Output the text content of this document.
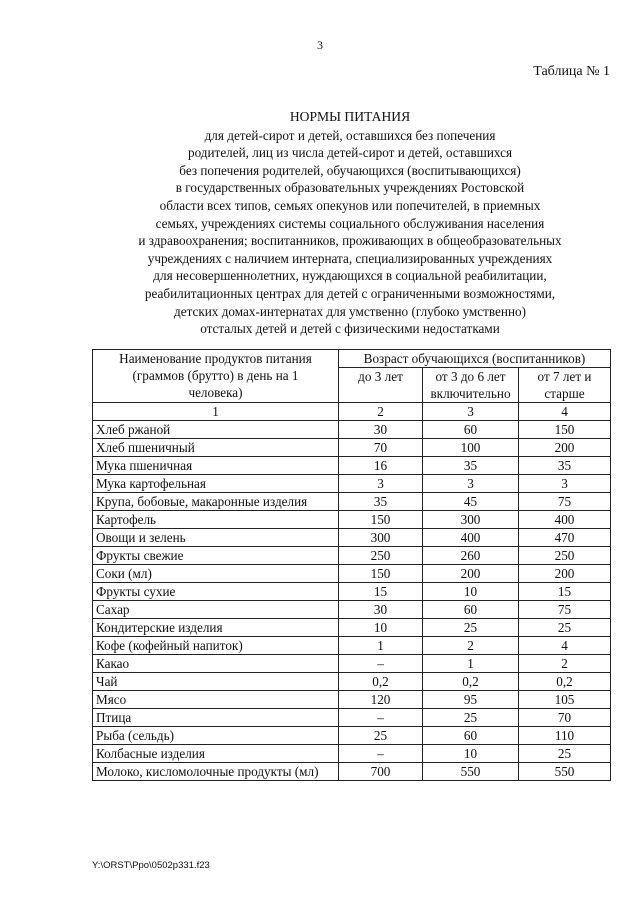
3
Таблица № 1
НОРМЫ ПИТАНИЯ
для детей-сирот и детей, оставшихся без попечения
родителей, лиц из числа детей-сирот и детей, оставшихся
без попечения родителей, обучающихся (воспитывающихся)
в государственных образовательных учреждениях Ростовской
области всех типов, семьях опекунов или попечителей, в приемных
семьях, учреждениях системы социального обслуживания населения
и здравоохранения; воспитанников, проживающих в общеобразовательных
учреждениях с наличием интерната, специализированных учреждениях
для несовершеннолетних, нуждающихся в социальной реабилитации,
реабилитационных центрах для детей с ограниченными возможностями,
детских домах-интернатах для умственно (глубоко умственно)
отсталых детей и детей с физическими недостатками
Наименование продуктов питания (граммов (брутто) в день на 1 человека)	Возраст обучающихся (воспитанников)		
	до 3 лет	от 3 до 6 лет включительно	от 7 лет и старше
1	2	3	4
Хлеб ржаной	30	60	150
Хлеб пшеничный	70	100	200
Мука пшеничная	16	35	35
Мука картофельная	3	3	3
Крупа, бобовые, макаронные изделия	35	45	75
Картофель	150	300	400
Овощи и зелень	300	400	470
Фрукты свежие	250	260	250
Соки (мл)	150	200	200
Фрукты сухие	15	10	15
Сахар	30	60	75
Кондитерские изделия	10	25	25
Кофе (кофейный напиток)	1	2	4
Какао	–	1	2
Чай	0,2	0,2	0,2
Мясо	120	95	105
Птица	–	25	70
Рыба (сельдь)	25	60	110
Колбасные изделия	–	10	25
Молоко, кисломолочные продукты (мл)	700	550	550
Y:\ORST\Ppo\0502p331.f23
